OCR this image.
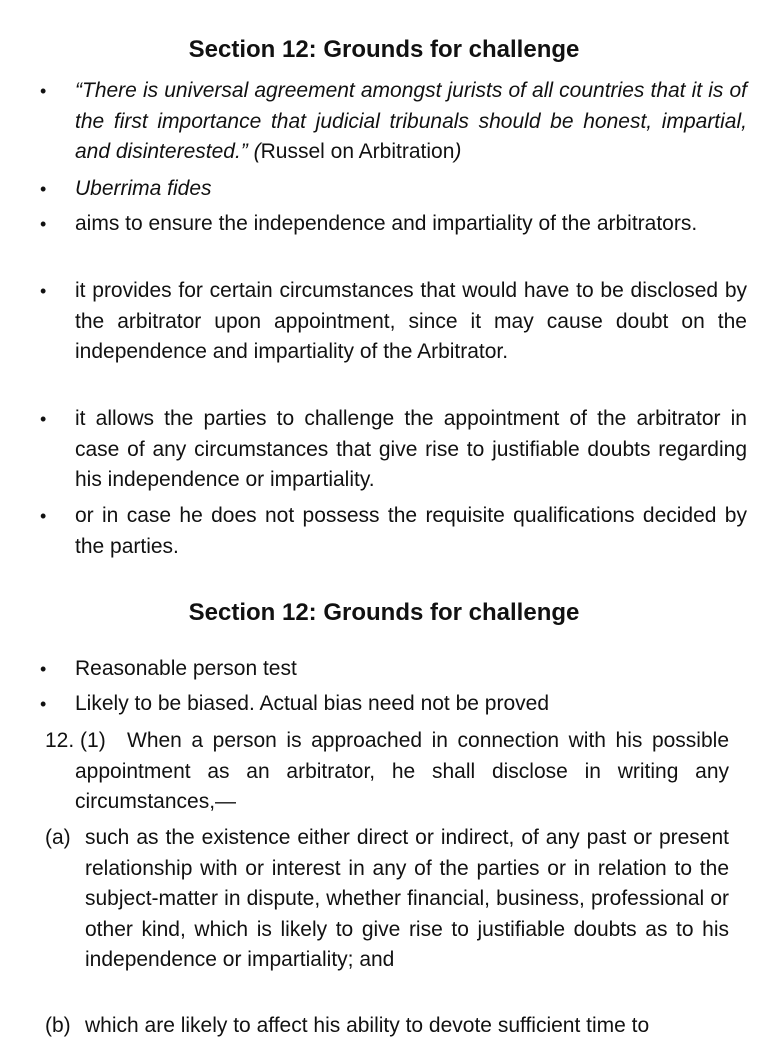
Section 12: Grounds for challenge
•	“There is universal agreement amongst jurists of all countries that it is of the first importance that judicial tribunals should be honest, impartial, and disinterested.” (Russel on Arbitration)
•	Uberrima fides
•	aims to ensure the independence and impartiality of the arbitrators.
•	it provides for certain circumstances that would have to be disclosed by the arbitrator upon appointment, since it may cause doubt on the independence and impartiality of the Arbitrator.
•	it allows the parties to challenge the appointment of the arbitrator in case of any circumstances that give rise to justifiable doubts regarding his independence or impartiality.
•	or in case he does not possess the requisite qualifications decided by the parties.
Section 12: Grounds for challenge
•	Reasonable person test
•	Likely to be biased. Actual bias need not be proved
12. (1)	When a person is approached in connection with his possible appointment as an arbitrator, he shall disclose in writing any circumstances,—
(a) such as the existence either direct or indirect, of any past or present relationship with or interest in any of the parties or in relation to the subject-matter in dispute, whether financial, business, professional or other kind, which is likely to give rise to justifiable doubts as to his independence or impartiality; and
(b) which are likely to affect his ability to devote sufficient time to
